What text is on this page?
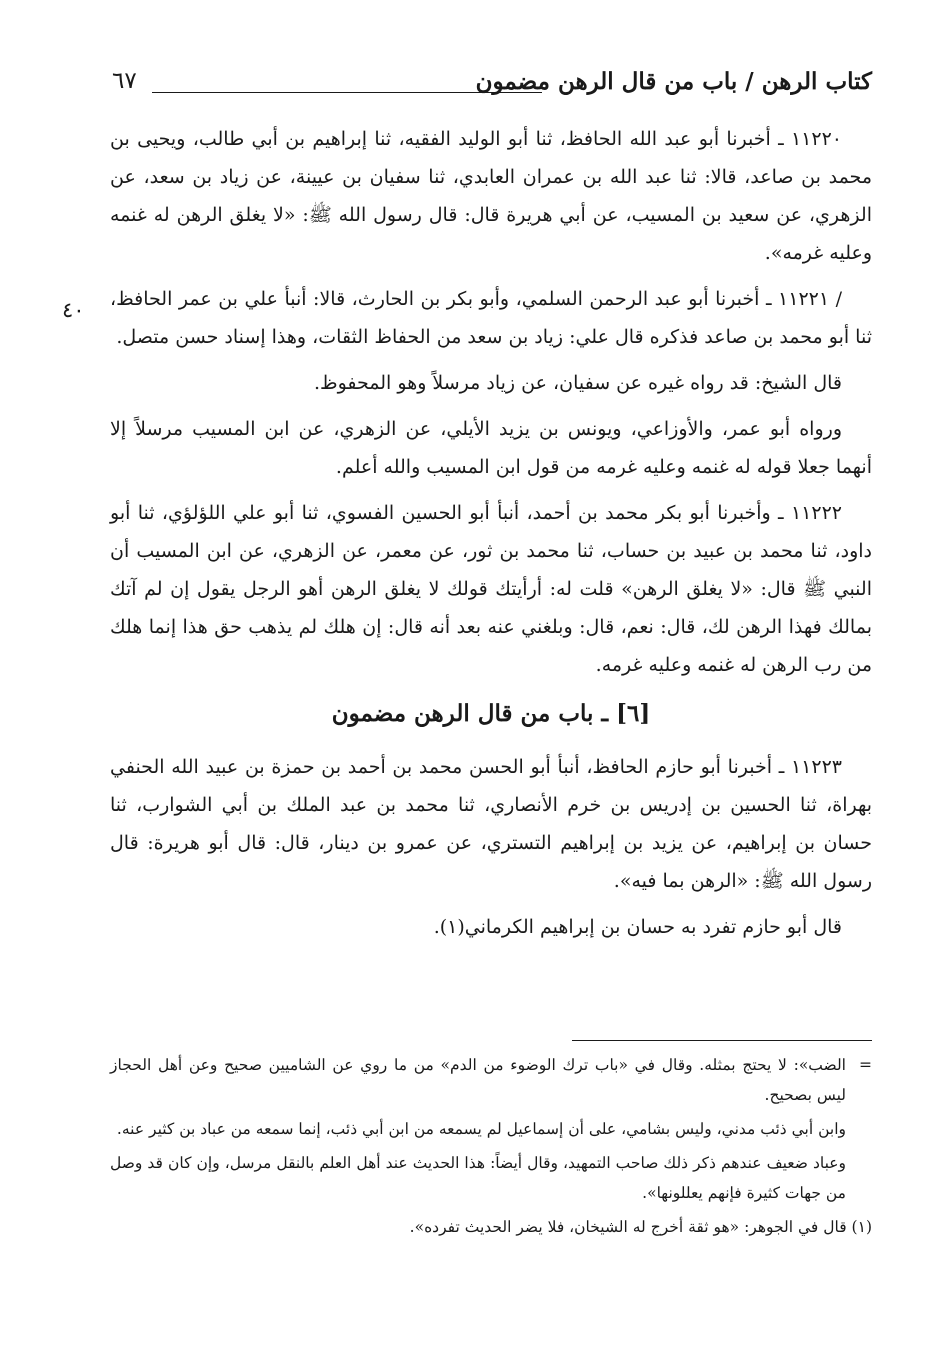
كتاب الرهن / باب من قال الرهن مضمون
٦٧
٤٠

١١٢٢٠ ـ أخبرنا أبو عبد الله الحافظ، ثنا أبو الوليد الفقيه، ثنا إبراهيم بن أبي طالب، ويحيى بن محمد بن صاعد، قالا: ثنا عبد الله بن عمران العابدي، ثنا سفيان بن عيينة، عن زياد بن سعد، عن الزهري، عن سعيد بن المسيب، عن أبي هريرة قال: قال رسول الله ﷺ: «لا يغلق الرهن له غنمه وعليه غرمه».

/ ١١٢٢١ ـ أخبرنا أبو عبد الرحمن السلمي، وأبو بكر بن الحارث، قالا: أنبأ علي بن عمر الحافظ، ثنا أبو محمد بن صاعد فذكره قال علي: زياد بن سعد من الحفاظ الثقات، وهذا إسناد حسن متصل.

قال الشيخ: قد رواه غيره عن سفيان، عن زياد مرسلاً وهو المحفوظ.

ورواه أبو عمر، والأوزاعي، ويونس بن يزيد الأيلي، عن الزهري، عن ابن المسيب مرسلاً إلا أنهما جعلا قوله له غنمه وعليه غرمه من قول ابن المسيب والله أعلم.

١١٢٢٢ ـ وأخبرنا أبو بكر محمد بن أحمد، أنبأ أبو الحسين الفسوي، ثنا أبو علي اللؤلؤي، ثنا أبو داود، ثنا محمد بن عبيد بن حساب، ثنا محمد بن ثور، عن معمر، عن الزهري، عن ابن المسيب أن النبي ﷺ قال: «لا يغلق الرهن» قلت له: أرأيتك قولك لا يغلق الرهن أهو الرجل يقول إن لم آتك بمالك فهذا الرهن لك، قال: نعم، قال: وبلغني عنه بعد أنه قال: إن هلك لم يذهب حق هذا إنما هلك من رب الرهن له غنمه وعليه غرمه.

[٦] ـ باب من قال الرهن مضمون

١١٢٢٣ ـ أخبرنا أبو حازم الحافظ، أنبأ أبو الحسن محمد بن أحمد بن حمزة بن عبيد الله الحنفي بهراة، ثنا الحسين بن إدريس بن خرم الأنصاري، ثنا محمد بن عبد الملك بن أبي الشوارب، ثنا حسان بن إبراهيم، عن يزيد بن إبراهيم التستري، عن عمرو بن دينار، قال: قال أبو هريرة: قال رسول الله ﷺ: «الرهن بما فيه».

قال أبو حازم تفرد به حسان بن إبراهيم الكرماني(١).

=
الضب»: لا يحتج بمثله. وقال في «باب ترك الوضوء من الدم» من ما روي عن الشاميين صحيح وعن أهل الحجاز ليس بصحيح.

وابن أبي ذئب مدني، وليس بشامي، على أن إسماعيل لم يسمعه من ابن أبي ذئب، إنما سمعه من عباد بن كثير عنه.

وعباد ضعيف عندهم ذكر ذلك صاحب التمهيد، وقال أيضاً: هذا الحديث عند أهل العلم بالنقل مرسل، وإن كان قد وصل من جهات كثيرة فإنهم يعللونها».

(١) قال في الجوهر: «هو ثقة أخرج له الشيخان، فلا يضر الحديث تفرده».
